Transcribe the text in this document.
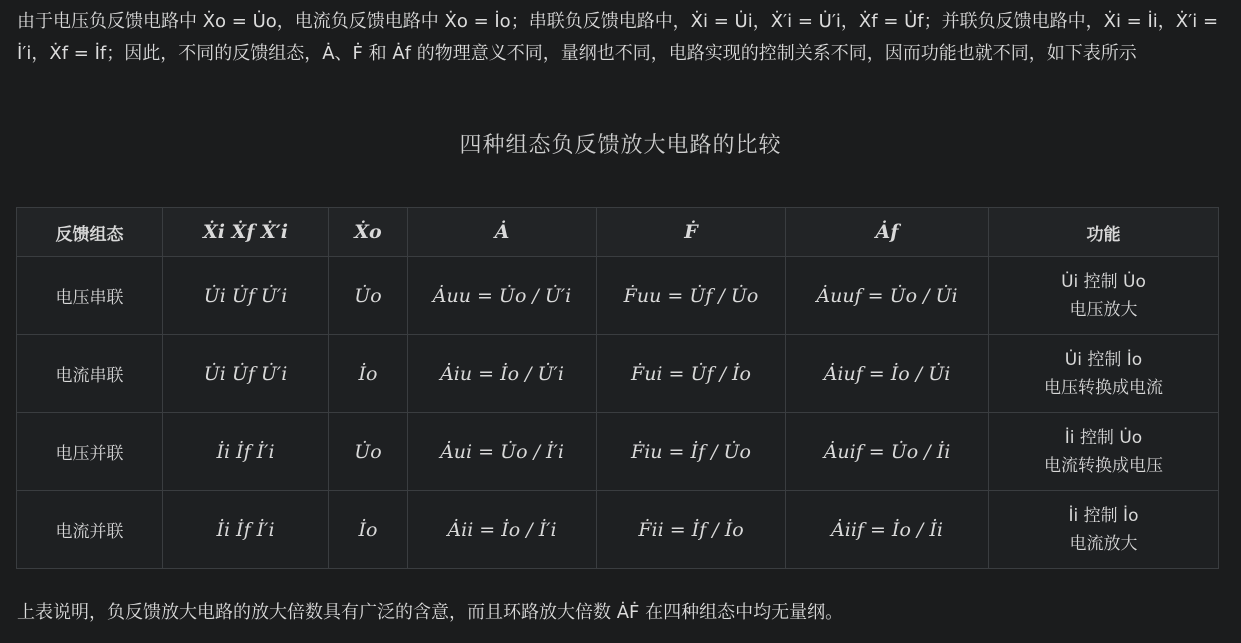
由于电压负反馈电路中 Ẋo = U̇o，电流负反馈电路中 Ẋo = İo；串联负反馈电路中，Ẋi = U̇i，Ẋ′i = U̇′i，Ẋf = U̇f；并联负反馈电路中，Ẋi = İi，Ẋ′i = İ′i，Ẋf = İf；因此，不同的反馈组态，Ȧ、Ḟ 和 Ȧf 的物理意义不同，量纲也不同，电路实现的控制关系不同，因而功能也就不同，如下表所示
四种组态负反馈放大电路的比较
反馈组态	Ẋi Ẋf Ẋ′i	Ẋo	Ȧ	Ḟ	Ȧf	功能
电压串联	U̇i U̇f U̇′i	U̇o	Ȧuu = U̇o / U̇′i	Ḟuu = U̇f / U̇o	Ȧuuf = U̇o / U̇i	U̇i 控制 U̇o
电压放大

电流串联	U̇i U̇f U̇′i	İo	Ȧiu = İo / U̇′i	Ḟui = U̇f / İo	Ȧiuf = İo / U̇i	U̇i 控制 İo
电压转换成电流

电压并联	İi İf İ′i	U̇o	Ȧui = U̇o / İ′i	Ḟiu = İf / U̇o	Ȧuif = U̇o / İi	İi 控制 U̇o
电流转换成电压

电流并联	İi İf İ′i	İo	Ȧii = İo / İ′i	Ḟii = İf / İo	Ȧiif = İo / İi	İi 控制 İo
电流放大
上表说明，负反馈放大电路的放大倍数具有广泛的含意，而且环路放大倍数 ȦḞ 在四种组态中均无量纲。
